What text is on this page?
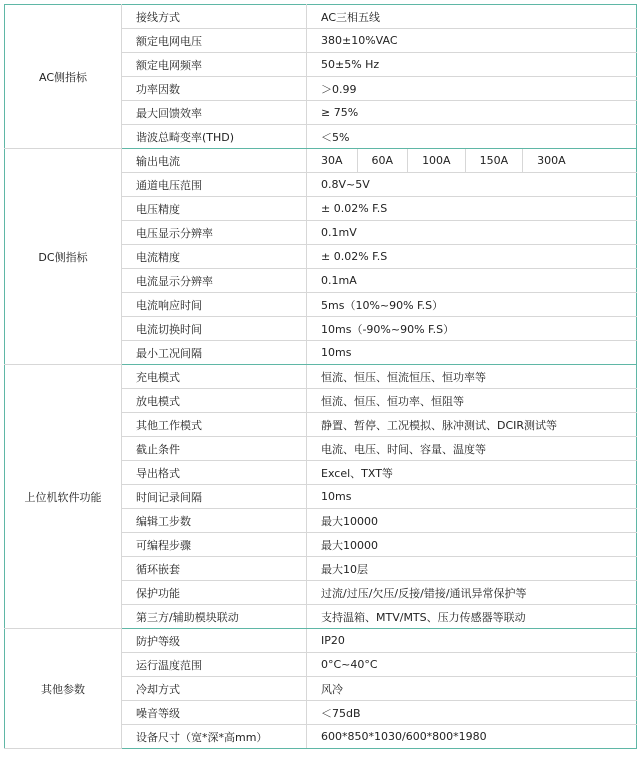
AC侧指标	接线方式	AC三相五线
	额定电网电压	380±10%VAC
	额定电网频率	50±5% Hz
	功率因数	＞0.99
	最大回馈效率	≥ 75%
	谐波总畸变率(THD)	＜5%
DC侧指标	输出电流	30A 60A 100A 150A 300A

	通道电压范围	0.8V~5V
	电压精度	± 0.02% F.S
	电压显示分辨率	0.1mV
	电流精度	± 0.02% F.S
	电流显示分辨率	0.1mA
	电流响应时间	5ms（10%~90% F.S）
	电流切换时间	10ms（-90%~90% F.S）
	最小工况间隔	10ms
上位机软件功能	充电模式	恒流、恒压、恒流恒压、恒功率等
	放电模式	恒流、恒压、恒功率、恒阻等
	其他工作模式	静置、暂停、工况模拟、脉冲测试、DCIR测试等
	截止条件	电流、电压、时间、容量、温度等
	导出格式	Excel、TXT等
	时间记录间隔	10ms
	编辑工步数	最大10000
	可编程步骤	最大10000
	循环嵌套	最大10层
	保护功能	过流/过压/欠压/反接/错接/通讯异常保护等
	第三方/辅助模块联动	支持温箱、MTV/MTS、压力传感器等联动
其他参数	防护等级	IP20
	运行温度范围	0°C~40°C
	冷却方式	风冷
	噪音等级	＜75dB
	设备尺寸（宽*深*高mm）	600*850*1030/600*800*1980
